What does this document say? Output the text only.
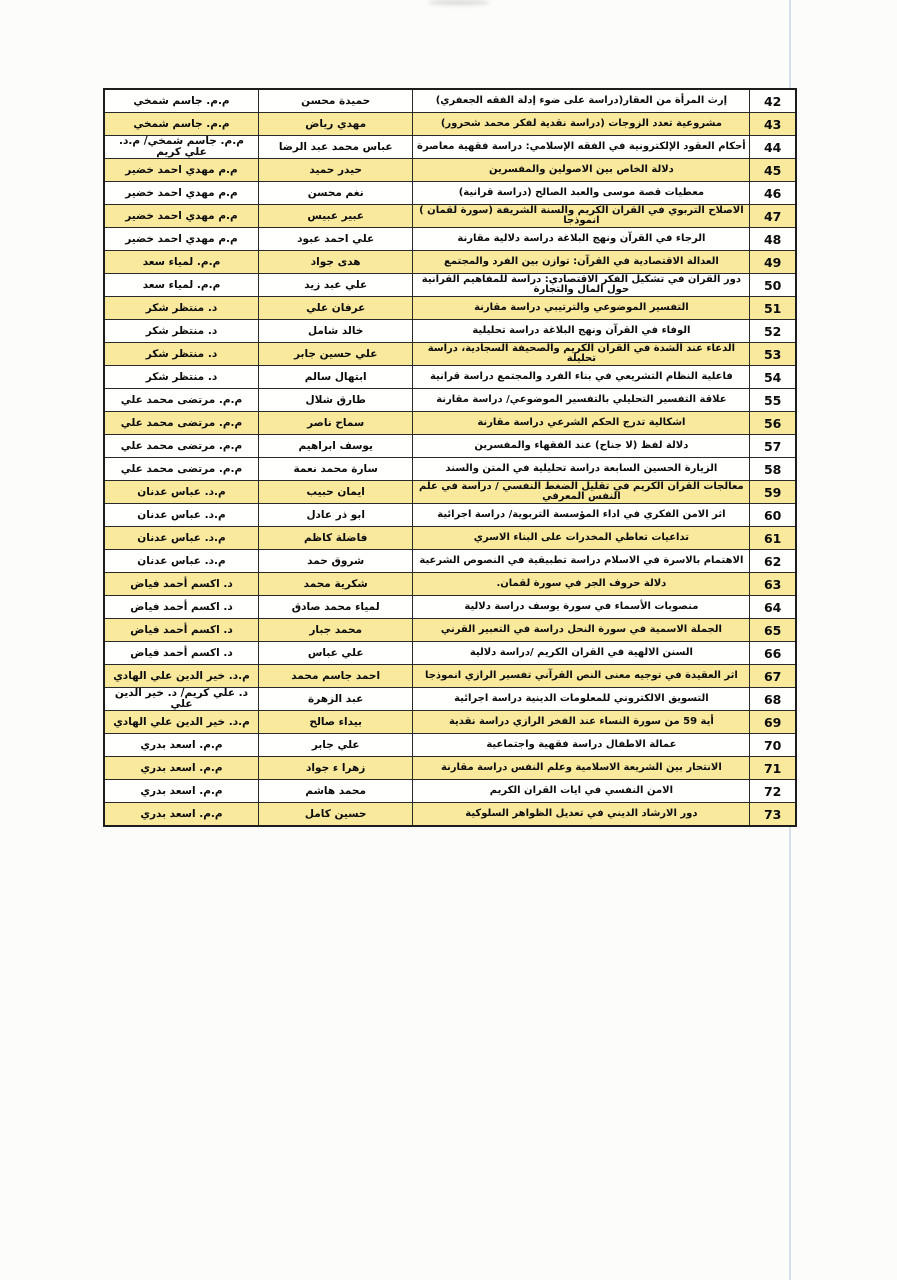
42	إرث المرأة من العقار(دراسة على ضوء إدلة الفقه الجعفري)	حميدة محسن	م.م. جاسم شمخي
43	مشروعية تعدد الزوجات (دراسة نقدية لفكر محمد شحرور)	مهدي رياض	م.م. جاسم شمخي
44	أحكام العقود الإلكترونية في الفقه الإسلامي: دراسة فقهية معاصرة	عباس محمد عبد الرضا	م.م. جاسم شمخي/ م.د. علي كريم
45	دلالة الخاص بين الاصولين والمفسرين	حيدر حميد	م.م مهدي احمد خضير
46	معطيات قصة موسى والعبد الصالح (دراسة قرانية)	نغم محسن	م.م مهدي احمد خضير
47	الاصلاح التربوي في القران الكريم والسنة الشريفة (سورة لقمان ) انموذجا	عبير عبيس	م.م مهدي احمد خضير
48	الرجاء في القرآن ونهج البلاغة دراسة دلالية مقارنة	علي احمد عبود	م.م مهدي احمد خضير
49	العدالة الاقتصادية في القرآن: توازن بين الفرد والمجتمع	هدى جواد	م.م. لمياء سعد
50	دور القرآن في تشكيل الفكر الاقتصادي: دراسة للمفاهيم القرآنية حول المال والتجارة	علي عبد زيد	م.م. لمياء سعد
51	التفسير الموضوعي والترتيبي دراسة مقارنة	عرفان علي	د. منتظر شكر
52	الوفاء في القرآن ونهج البلاغة دراسة تحليلية	خالد شامل	د. منتظر شكر
53	الدعاء عند الشدة في القرآن الكريم والصحيفة السجادية، دراسة تحليلة	علي حسين جابر	د. منتظر شكر
54	فاعلية النظام التشريعي في بناء الفرد والمجتمع دراسة قرانية	ابتهال سالم	د. منتظر شكر
55	علاقة التفسير التحليلي بالتفسير الموضوعي/ دراسة مقارنة	طارق شلال	م.م. مرتضى محمد علي
56	اشكالية تدرج الحكم الشرعي دراسة مقارنة	سماح ناصر	م.م. مرتضى محمد علي
57	دلالة لفظ (لا جناح) عند الفقهاء والمفسرين	يوسف ابراهيم	م.م. مرتضى محمد علي
58	الزيارة الحسين السابعة دراسة تحليلية في المتن والسند	سارة محمد نعمة	م.م. مرتضى محمد علي
59	معالجات القران الكريم في تقليل الضغط النفسي / دراسة في علم النفس المعرفي	ايمان حبيب	م.د. عباس عدنان
60	اثر الامن الفكري في اداء المؤسسة التربوية/ دراسة اجرائية	ابو ذر عادل	م.د. عباس عدنان
61	تداعيات تعاطي المخدرات على البناء الاسري	فاضلة كاظم	م.د. عباس عدنان
62	الاهتمام بالاسرة في الاسلام دراسة تطبيقية في النصوص الشرعية	شروق حمد	م.د. عباس عدنان
63	دلالة حروف الجر في سورة لقمان.	شكرية محمد	د. اكسم أحمد فياض
64	منصوبات الأسماء في سورة يوسف دراسة دلالية	لمياء محمد صادق	د. اكسم أحمد فياض
65	الجملة الاسمية في سورة النحل دراسة في التعبير القرني	محمد جبار	د. اكسم أحمد فياض
66	السنن الالهية في القران الكريم /دراسة دلالية	علي عباس	د. اكسم أحمد فياض
67	اثر العقيدة في توجيه معنى النص القرآني تفسير الرازي انموذجا	احمد جاسم محمد	م.د. خير الدين علي الهادي
68	التسويق الالكتروني للمعلومات الدينية دراسة اجرائية	عبد الزهرة	د. علي كريم/ د. خير الدين علي
69	أية 59 من سورة النساء عند الفخر الرازي دراسة نقدية	بيداء صالح	م.د. خير الدين علي الهادي
70	عمالة الاطفال دراسة فقهية واجتماعية	علي جابر	م.م. اسعد بدري
71	الانتحار بين الشريعة الاسلامية وعلم النفس دراسة مقارنة	زهرا ء جواد	م.م. اسعد بدري
72	الامن النفسي في ايات القران الكريم	محمد هاشم	م.م. اسعد بدري
73	دور الارشاد الديني في تعديل الظواهر السلوكية	حسين كامل	م.م. اسعد بدري
